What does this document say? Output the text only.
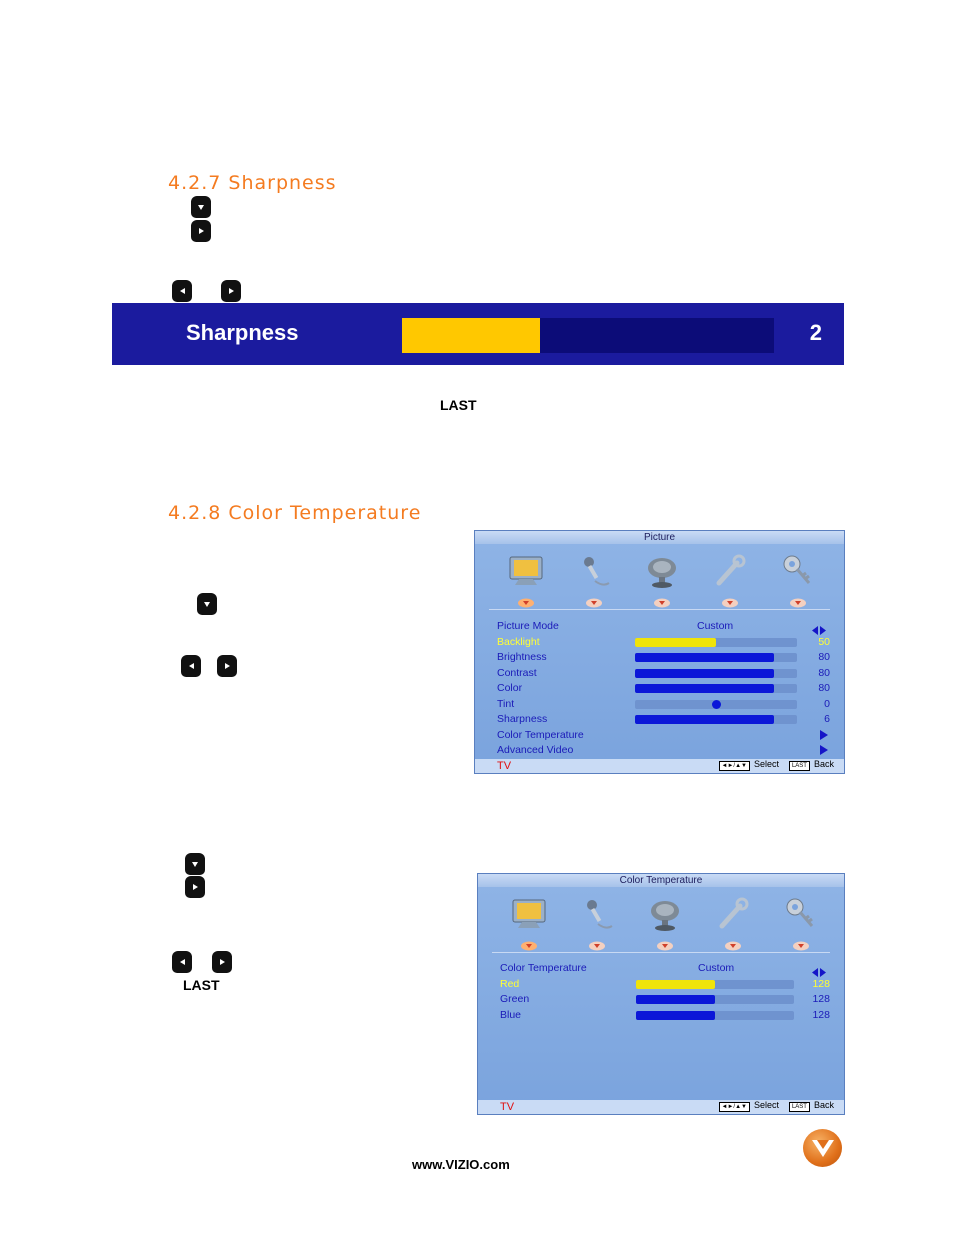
4.2.7 Sharpness
Sharpness	2
LAST
4.2.8 Color Temperature
Picture
Picture Mode	Custom
Backlight	50
Brightness	80
Contrast	80
Color	80
Tint	0
Sharpness	6
Color Temperature
Advanced Video
TV	◄►/▲▼ Select LAST Back
LAST
Color Temperature
Color Temperature	Custom
Red	128
Green	128
Blue	128
TV	◄►/▲▼ Select LAST Back
www.VIZIO.com
